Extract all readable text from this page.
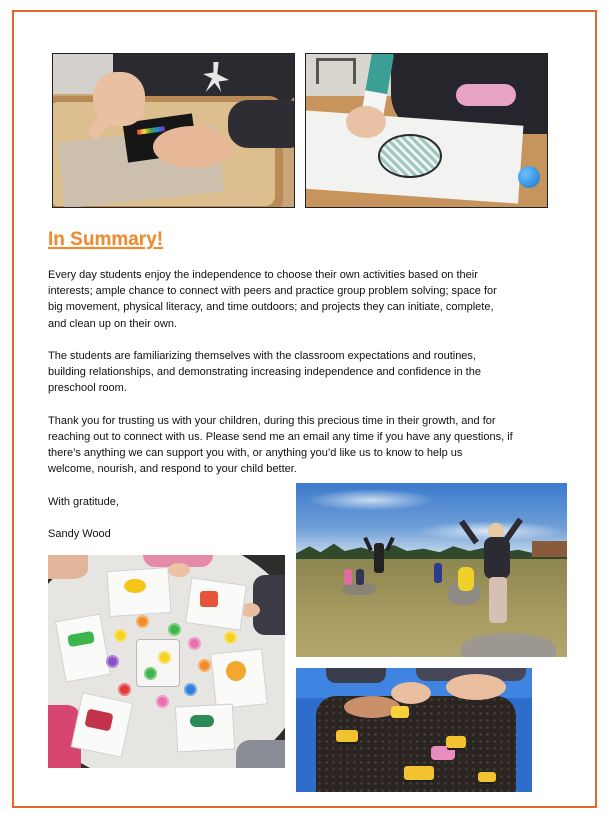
In Summary!
Every day students enjoy the independence to choose their own activities based on their
interests; ample chance to connect with peers and practice group problem solving; space for
big movement, physical literacy, and time outdoors; and projects they can initiate, complete,
and clean up on their own.
The students are familiarizing themselves with the classroom expectations and routines,
building relationships, and demonstrating increasing independence and confidence in the
preschool room.
Thank you for trusting us with your children, during this precious time in their growth, and for
reaching out to connect with us. Please send me an email any time if you have any questions, if
there’s anything we can support you with, or anything you’d like us to know to help us
welcome, nourish, and respond to your child better.
With gratitude,
Sandy Wood
